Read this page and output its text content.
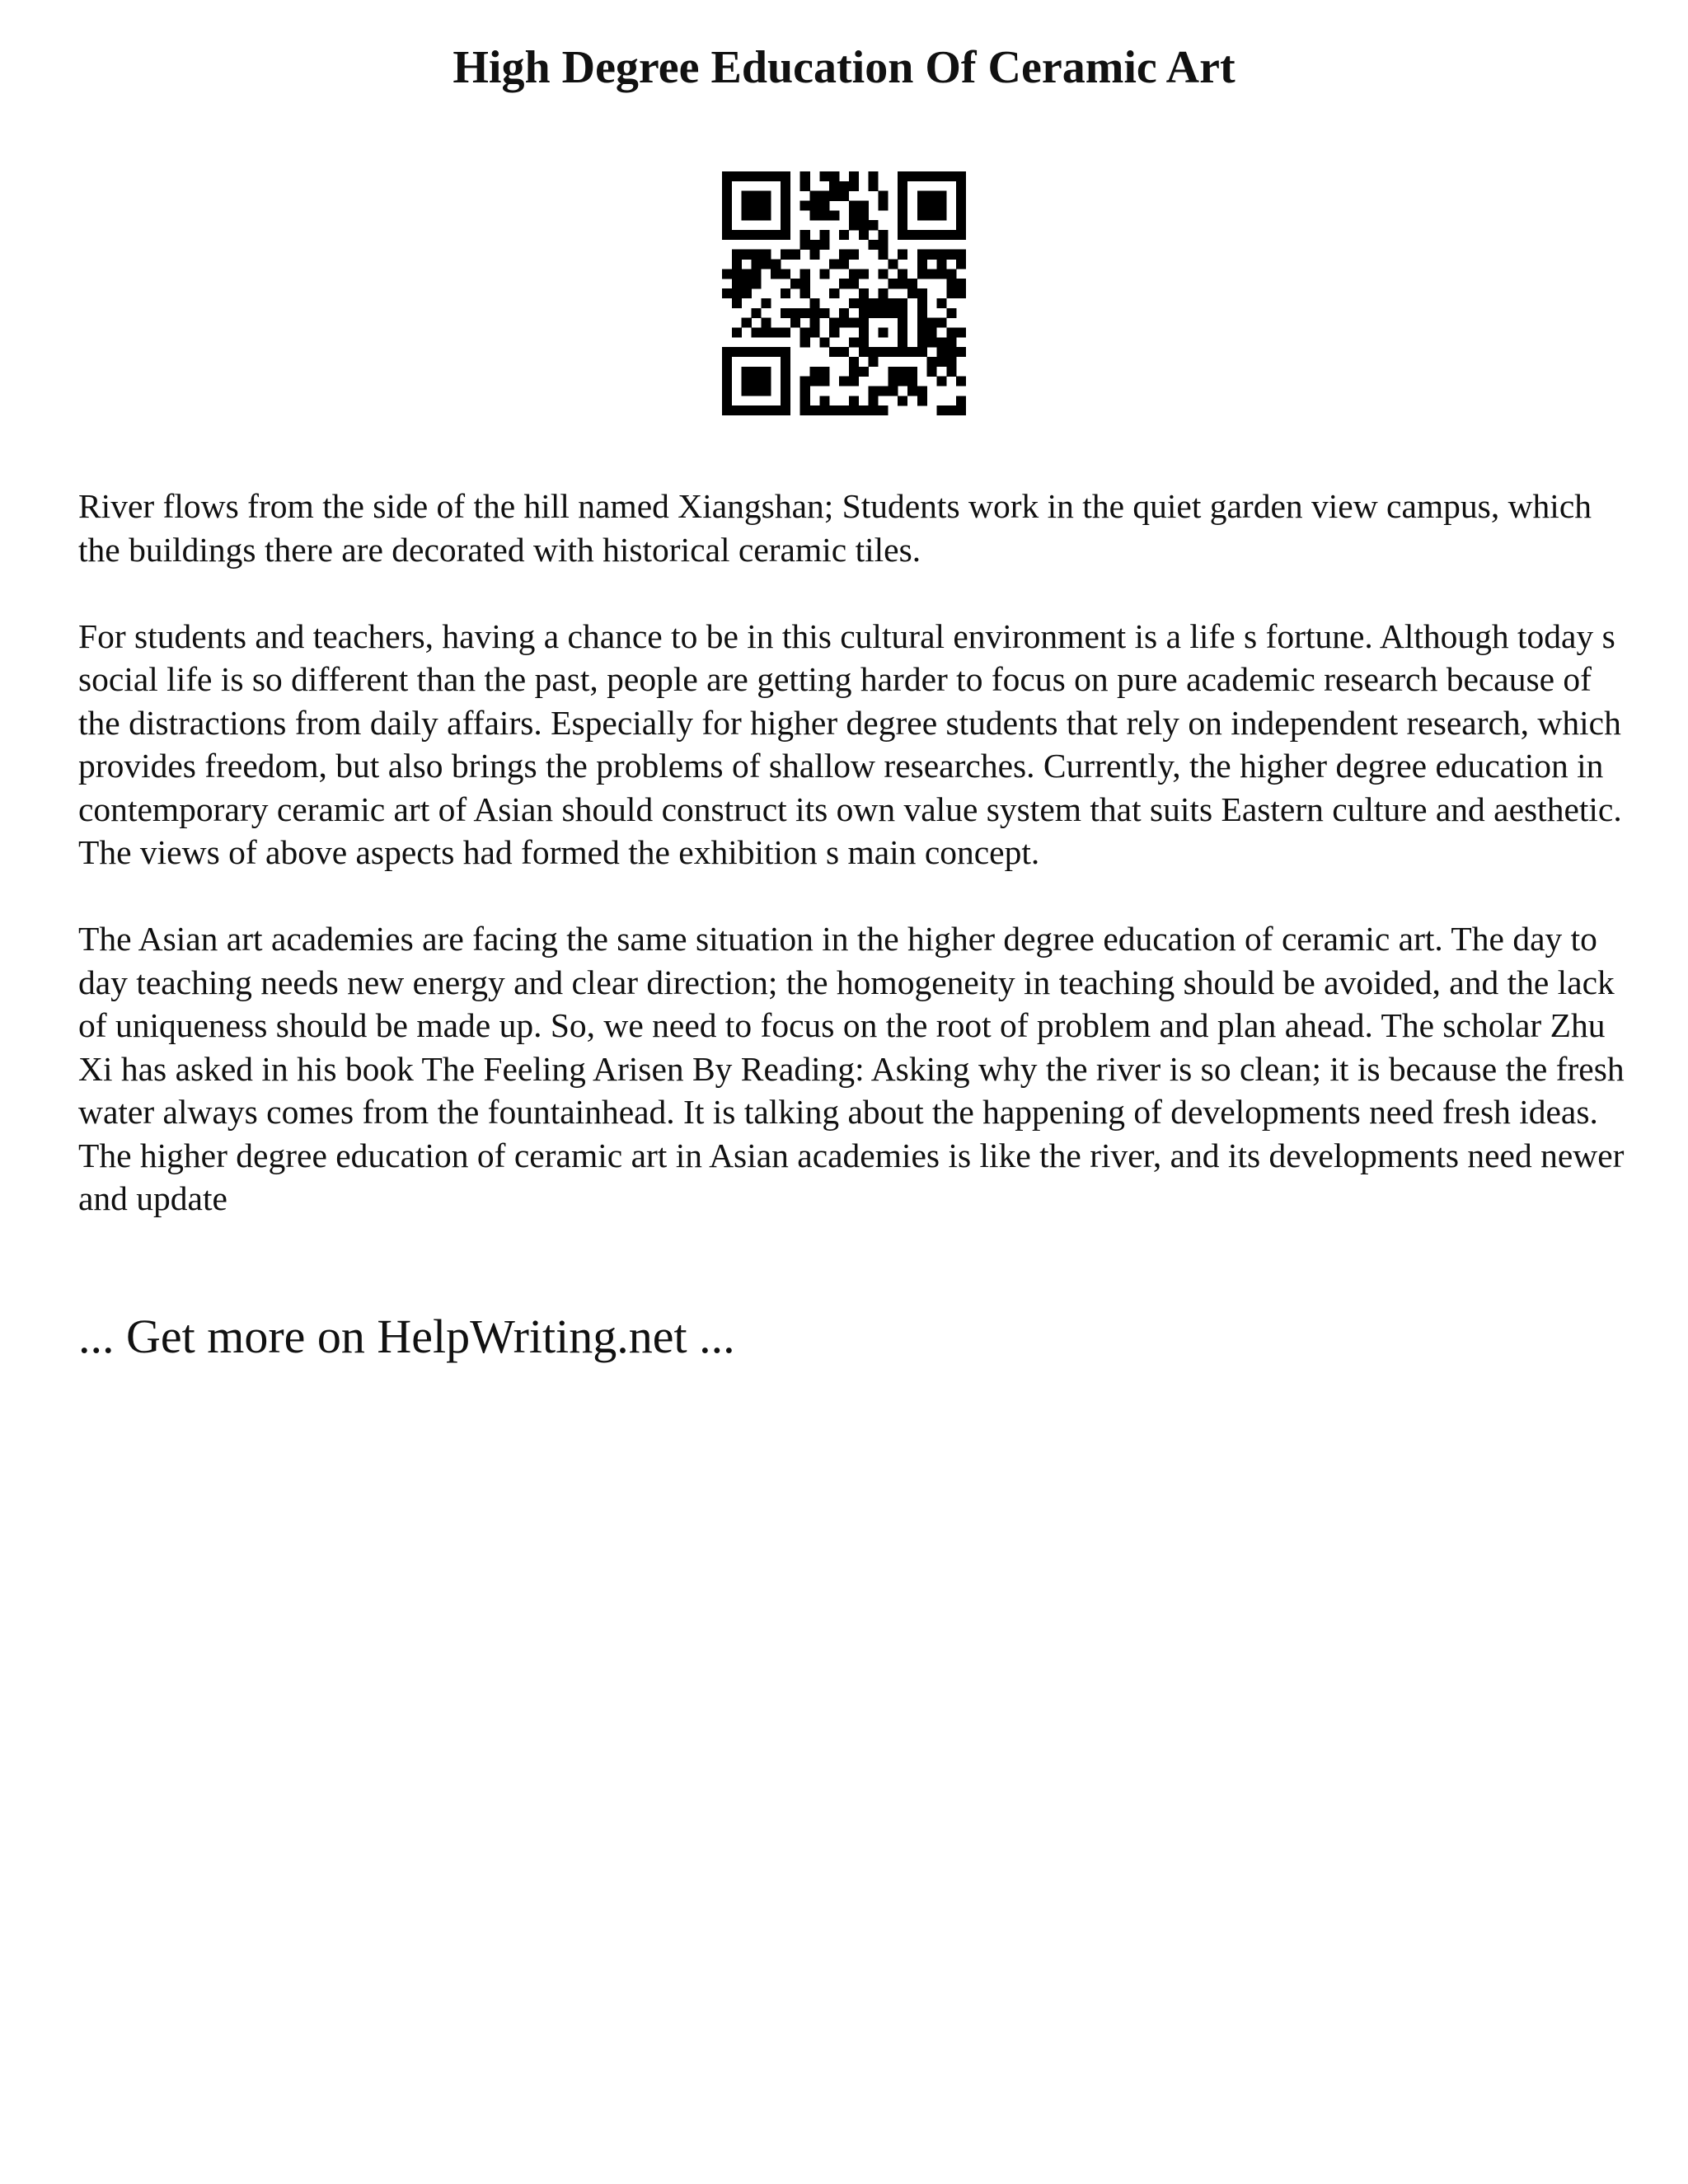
High Degree Education Of Ceramic Art

River flows from the side of the hill named Xiangshan; Students work in the quiet garden view campus, which the buildings there are decorated with historical ceramic tiles.

For students and teachers, having a chance to be in this cultural environment is a life s fortune. Although today s social life is so different than the past, people are getting harder to focus on pure academic research because of the distractions from daily affairs. Especially for higher degree students that rely on independent research, which provides freedom, but also brings the problems of shallow researches. Currently, the higher degree education in contemporary ceramic art of Asian should construct its own value system that suits Eastern culture and aesthetic. The views of above aspects had formed the exhibition s main concept.

The Asian art academies are facing the same situation in the higher degree education of ceramic art. The day to day teaching needs new energy and clear direction; the homogeneity in teaching should be avoided, and the lack of uniqueness should be made up. So, we need to focus on the root of problem and plan ahead. The scholar Zhu Xi has asked in his book The Feeling Arisen By Reading: Asking why the river is so clean; it is because the fresh water always comes from the fountainhead. It is talking about the happening of developments need fresh ideas. The higher degree education of ceramic art in Asian academies is like the river, and its developments need newer and update

... Get more on HelpWriting.net ...
